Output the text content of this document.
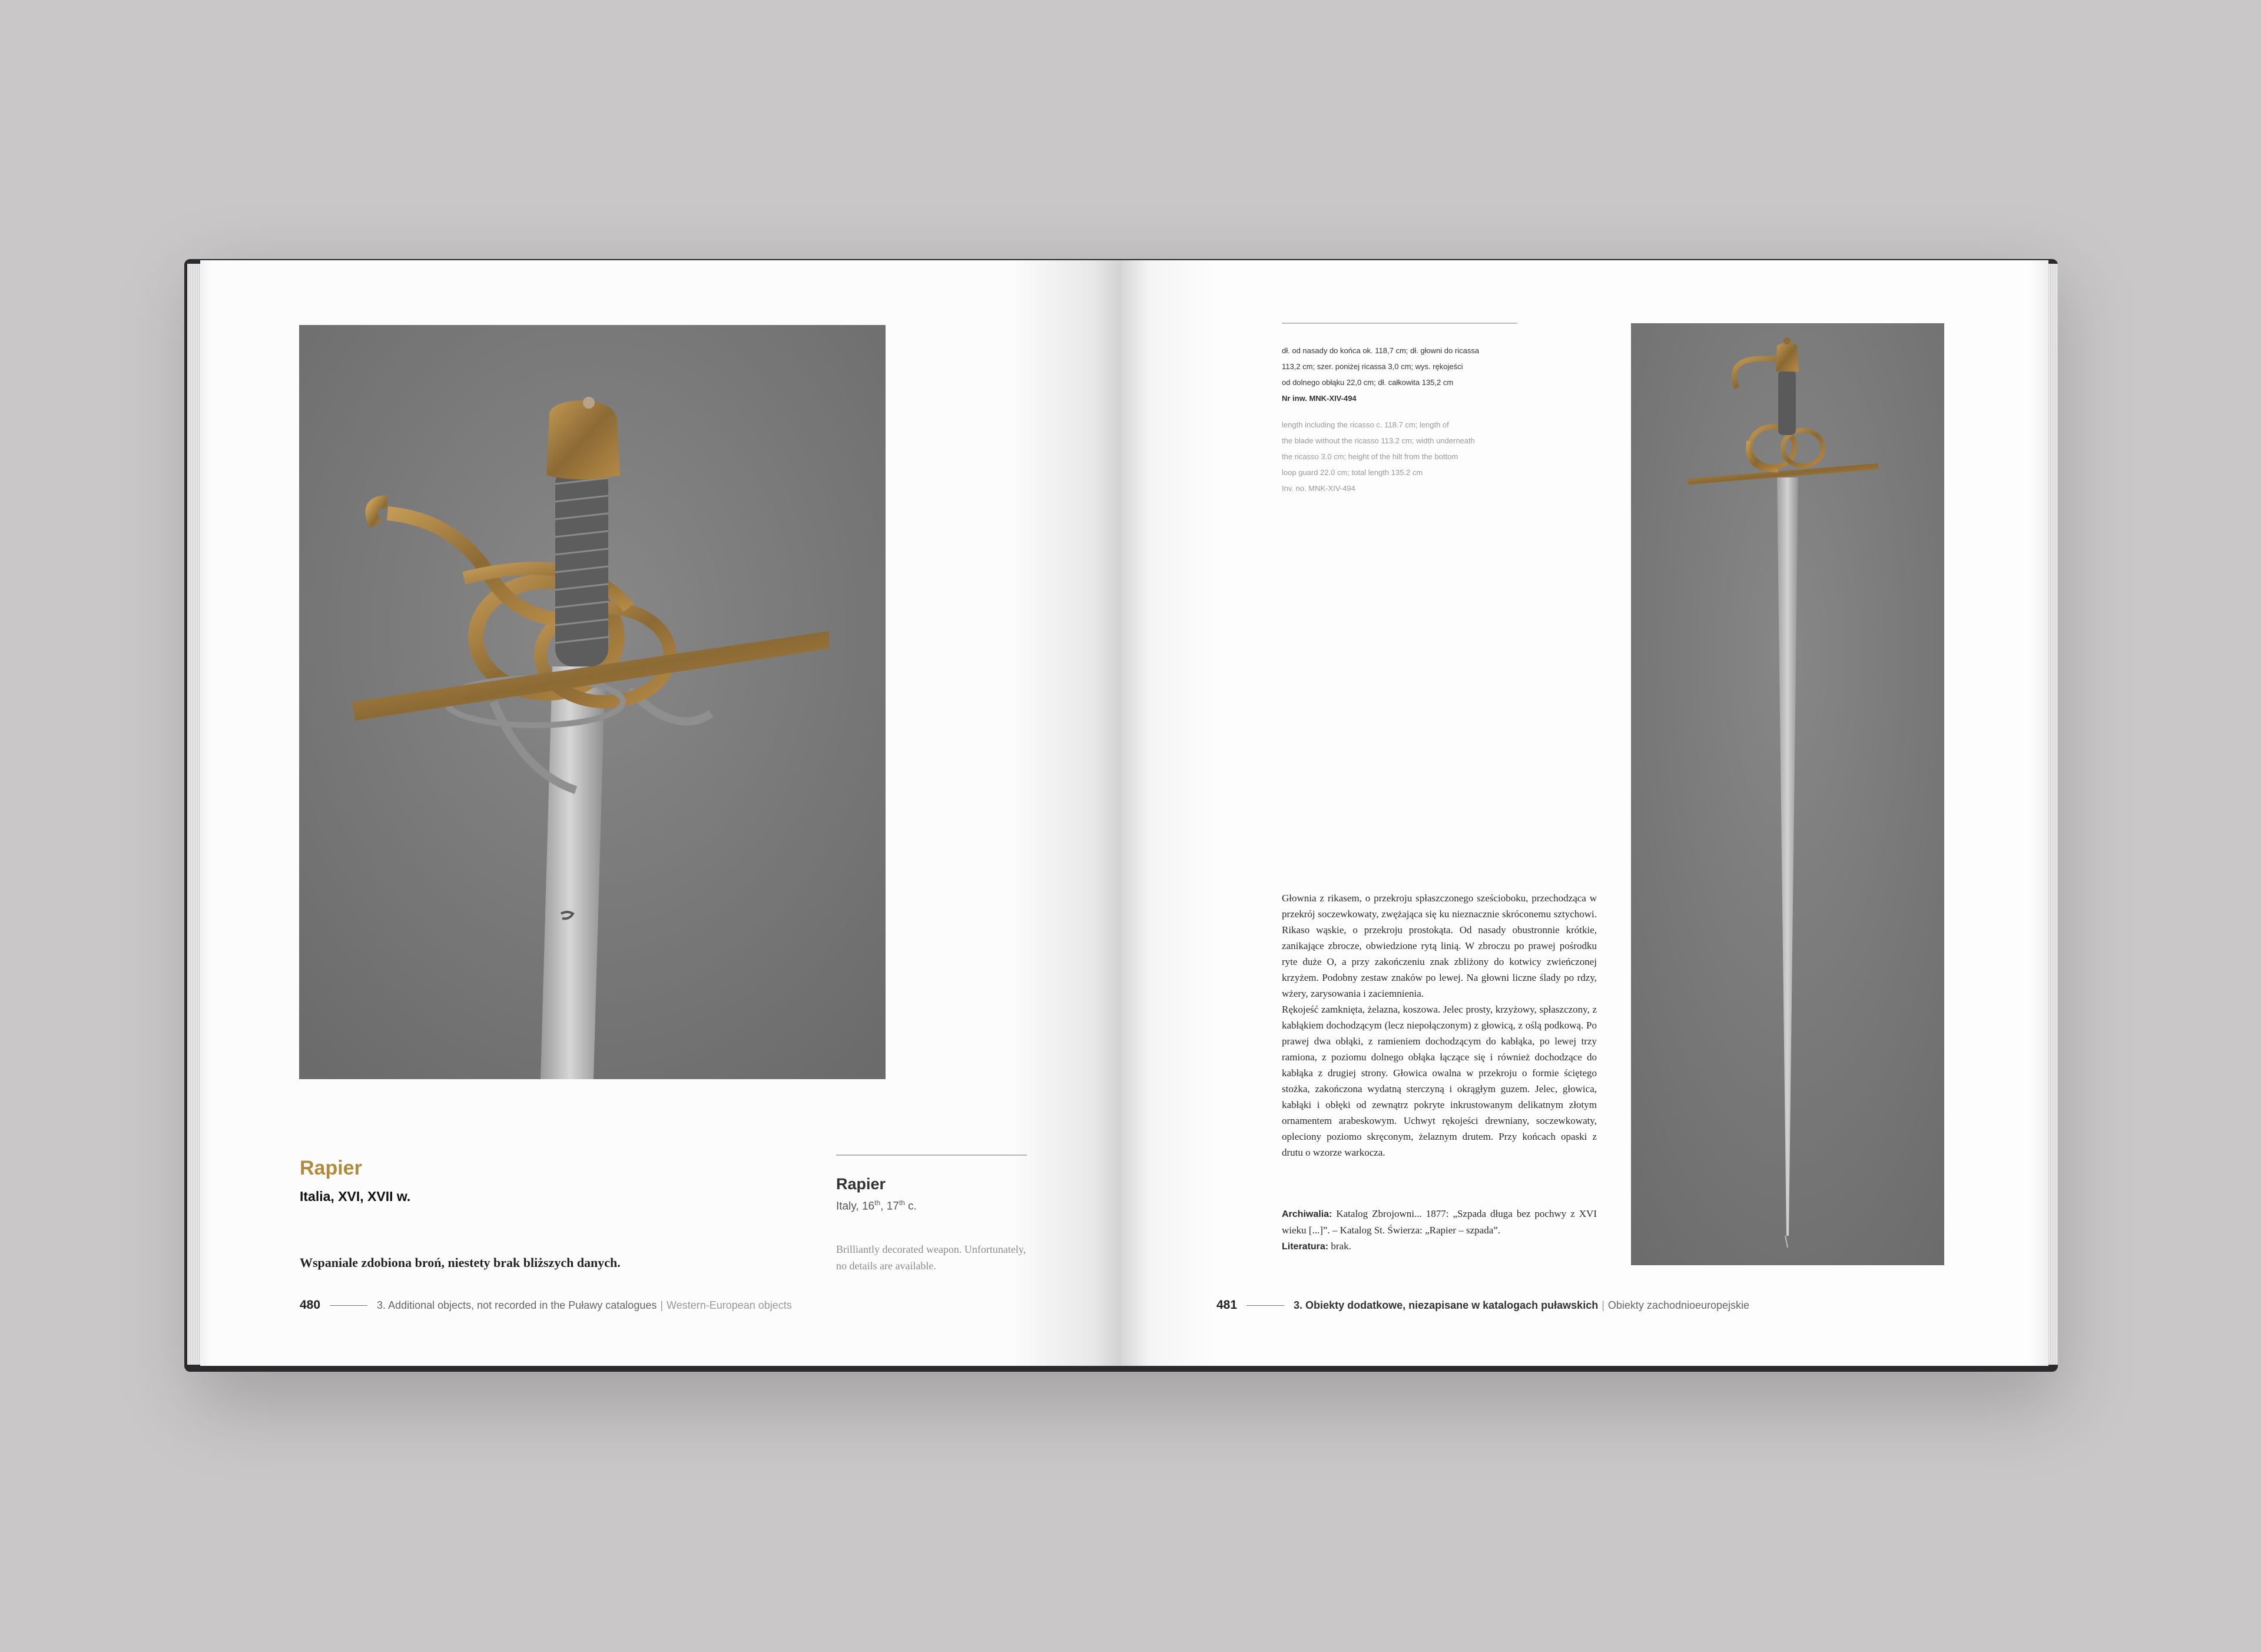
Rapier
Italia, XVI, XVII w.
Wspaniale zdobiona broń, niestety brak bliższych danych.
Rapier
Italy, 16th, 17th c.
Brilliantly decorated weapon. Unfortunately, no details are available.
480	3. Additional objects, not recorded in the Puławy catalogues | Western-European objects
dł. od nasady do końca ok. 118,7 cm; dł. głowni do ricassa
113,2 cm; szer. poniżej ricassa 3,0 cm; wys. rękojeści
od dolnego obłąku 22,0 cm; dł. całkowita 135,2 cm
Nr inw. MNK-XIV-494
length including the ricasso c. 118.7 cm; length of
the blade without the ricasso 113.2 cm; width underneath
the ricasso 3.0 cm; height of the hilt from the bottom
loop guard 22.0 cm; total length 135.2 cm
Inv. no. MNK-XIV-494

Głownia z rikasem, o przekroju spłaszczonego sześcioboku, przechodząca w przekrój soczewkowaty, zwężająca się ku nieznacznie skróconemu sztychowi. Rikaso wąskie, o przekroju prostokąta. Od nasady obustronnie krótkie, zanikające zbrocze, obwiedzione rytą linią. W zbroczu po prawej pośrodku ryte duże O, a przy zakończeniu znak zbliżony do kotwicy zwieńczonej krzyżem. Podobny zestaw znaków po lewej. Na głowni liczne ślady po rdzy, wżery, zarysowania i zaciemnienia.

Rękojeść zamknięta, żelazna, koszowa. Jelec prosty, krzyżowy, spłaszczony, z kabłąkiem dochodzącym (lecz niepołączonym) z głowicą, z oślą podkową. Po prawej dwa obłąki, z ramieniem dochodzącym do kabłąka, po lewej trzy ramiona, z poziomu dolnego obłąka łączące się i również dochodzące do kabłąka z drugiej strony. Głowica owalna w przekroju o formie ściętego stożka, zakończona wydatną sterczyną i okrągłym guzem. Jelec, głowica, kabłąki i obłęki od zewnątrz pokryte inkrustowanym delikatnym złotym ornamentem arabeskowym. Uchwyt rękojeści drewniany, soczewkowaty, opleciony poziomo skręconym, żelaznym drutem. Przy końcach opaski z drutu o wzorze warkocza.

Archiwalia: Katalog Zbrojowni... 1877: „Szpada długa bez pochwy z XVI wieku [...]”. – Katalog St. Świerza: „Rapier – szpada”.

Literatura: brak.

481	3. Obiekty dodatkowe, niezapisane w katalogach puławskich | Obiekty zachodnioeuropejskie
